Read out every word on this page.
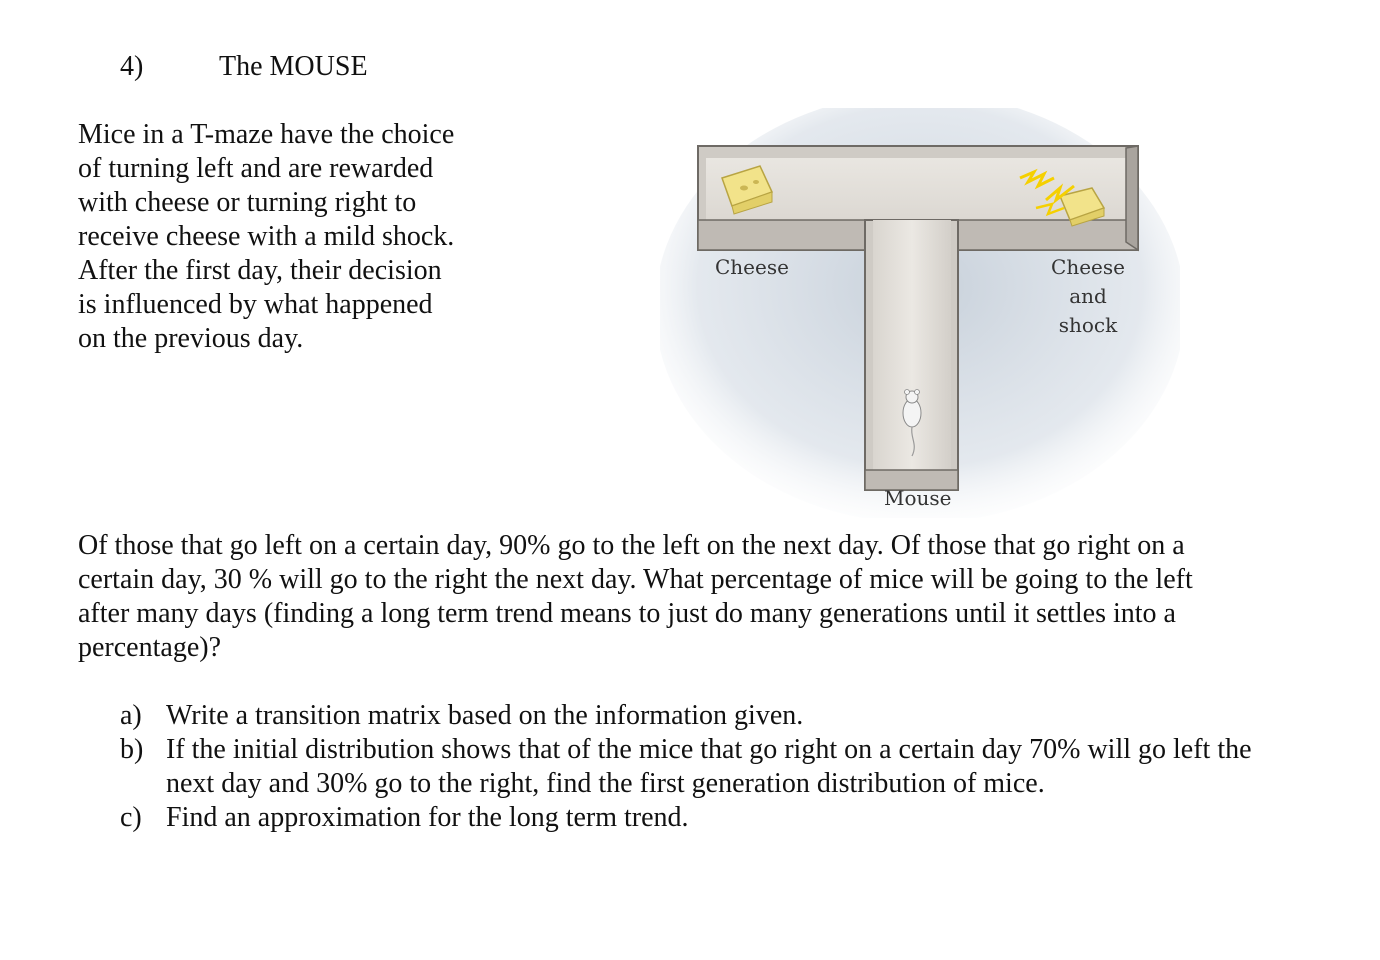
4)	The MOUSE
Mice in a T-maze have the choice
of turning left and are rewarded
with cheese or turning right to
receive cheese with a mild shock.
After the first day, their decision
is influenced by what happened
on the previous day.
Cheese	Cheese
and
shock
Mouse
Of those that go left on a certain day, 90% go to the left on the next day. Of those that go right on a
certain day, 30 % will go to the right the next day. What percentage of mice will be going to the left
after many days (finding a long term trend means to just do many generations until it settles into a
percentage)?
a) Write a transition matrix based on the information given.
b) If the initial distribution shows that of the mice that go right on a certain day 70% will go left the
next day and 30% go to the right, find the first generation distribution of mice.
c) Find an approximation for the long term trend.
